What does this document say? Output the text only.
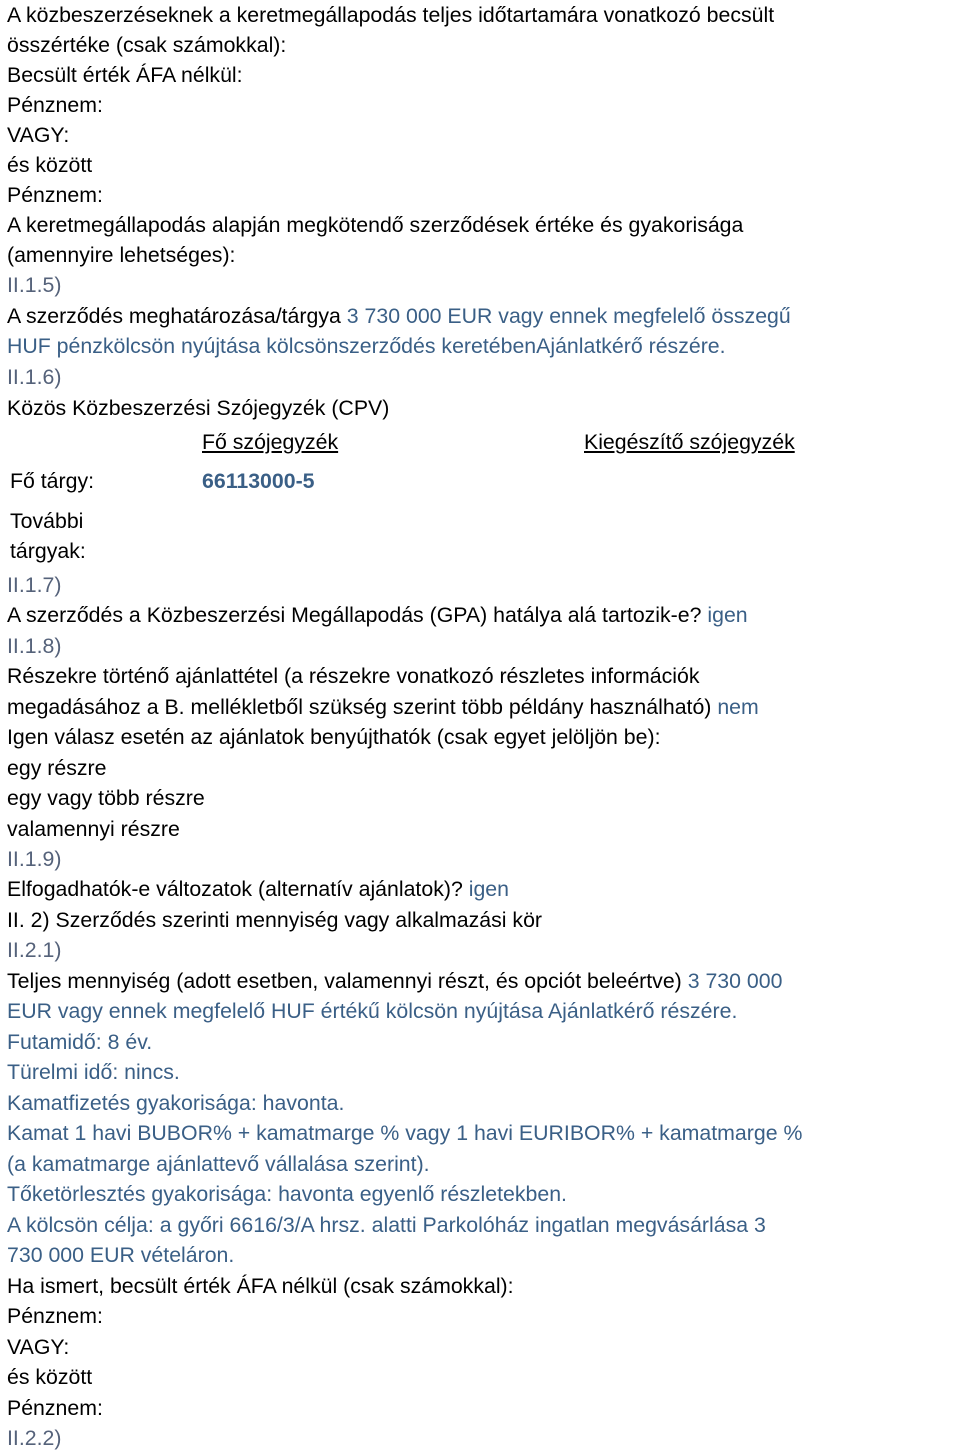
A közbeszerzéseknek a keretmegállapodás teljes időtartamára vonatkozó becsült
összértéke (csak számokkal):
Becsült érték ÁFA nélkül:
Pénznem:
VAGY:
és között
Pénznem:
A keretmegállapodás alapján megkötendő szerződések értéke és gyakorisága
(amennyire lehetséges):
II.1.5)
A szerződés meghatározása/tárgya 3 730 000 EUR vagy ennek megfelelő összegű
HUF pénzkölcsön nyújtása kölcsönszerződés keretébenAjánlatkérő részére.
II.1.6)
Közös Közbeszerzési Szójegyzék (CPV)
Fő szójegyzék	Kiegészítő szójegyzék
Fő tárgy:	66113000-5
További
tárgyak:
II.1.7)
A szerződés a Közbeszerzési Megállapodás (GPA) hatálya alá tartozik-e? igen
II.1.8)
Részekre történő ajánlattétel (a részekre vonatkozó részletes információk
megadásához a B. mellékletből szükség szerint több példány használható) nem
Igen válasz esetén az ajánlatok benyújthatók (csak egyet jelöljön be):
egy részre
egy vagy több részre
valamennyi részre
II.1.9)
Elfogadhatók-e változatok (alternatív ajánlatok)? igen
II. 2) Szerződés szerinti mennyiség vagy alkalmazási kör
II.2.1)
Teljes mennyiség (adott esetben, valamennyi részt, és opciót beleértve) 3 730 000
EUR vagy ennek megfelelő HUF értékű kölcsön nyújtása Ajánlatkérő részére.
Futamidő: 8 év.
Türelmi idő: nincs.
Kamatfizetés gyakorisága: havonta.
Kamat 1 havi BUBOR% + kamatmarge % vagy 1 havi EURIBOR% + kamatmarge %
(a kamatmarge ajánlattevő vállalása szerint).
Tőketörlesztés gyakorisága: havonta egyenlő részletekben.
A kölcsön célja: a győri 6616/3/A hrsz. alatti Parkolóház ingatlan megvásárlása 3
730 000 EUR vételáron.
Ha ismert, becsült érték ÁFA nélkül (csak számokkal):
Pénznem:
VAGY:
és között
Pénznem:
II.2.2)
